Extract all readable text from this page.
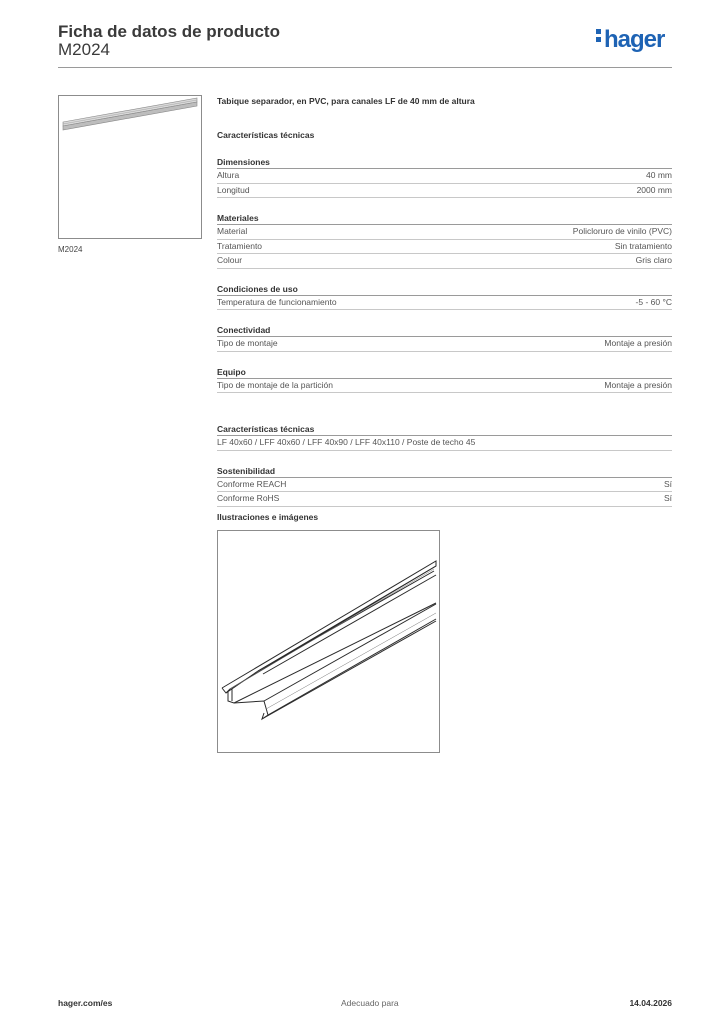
Ficha de datos de producto
M2024	hager
M2024
Tabique separador, en PVC, para canales LF de 40 mm de altura
Características técnicas
Dimensiones
Altura	40 mm
Longitud	2000 mm
Materiales
Material	Policloruro de vinilo (PVC)
Tratamiento	Sin tratamiento
Colour	Gris claro
Condiciones de uso
Temperatura de funcionamiento	-5 - 60 °C
Conectividad
Tipo de montaje	Montaje a presión
Equipo
Tipo de montaje de la partición	Montaje a presión
Características técnicas
LF 40x60 / LFF 40x60 / LFF 40x90 / LFF 40x110 / Poste de techo 45
Sostenibilidad
Conforme REACH	Sí
Conforme RoHS	Sí
Ilustraciones e imágenes
hager.com/es	Adecuado para	14.04.2026
